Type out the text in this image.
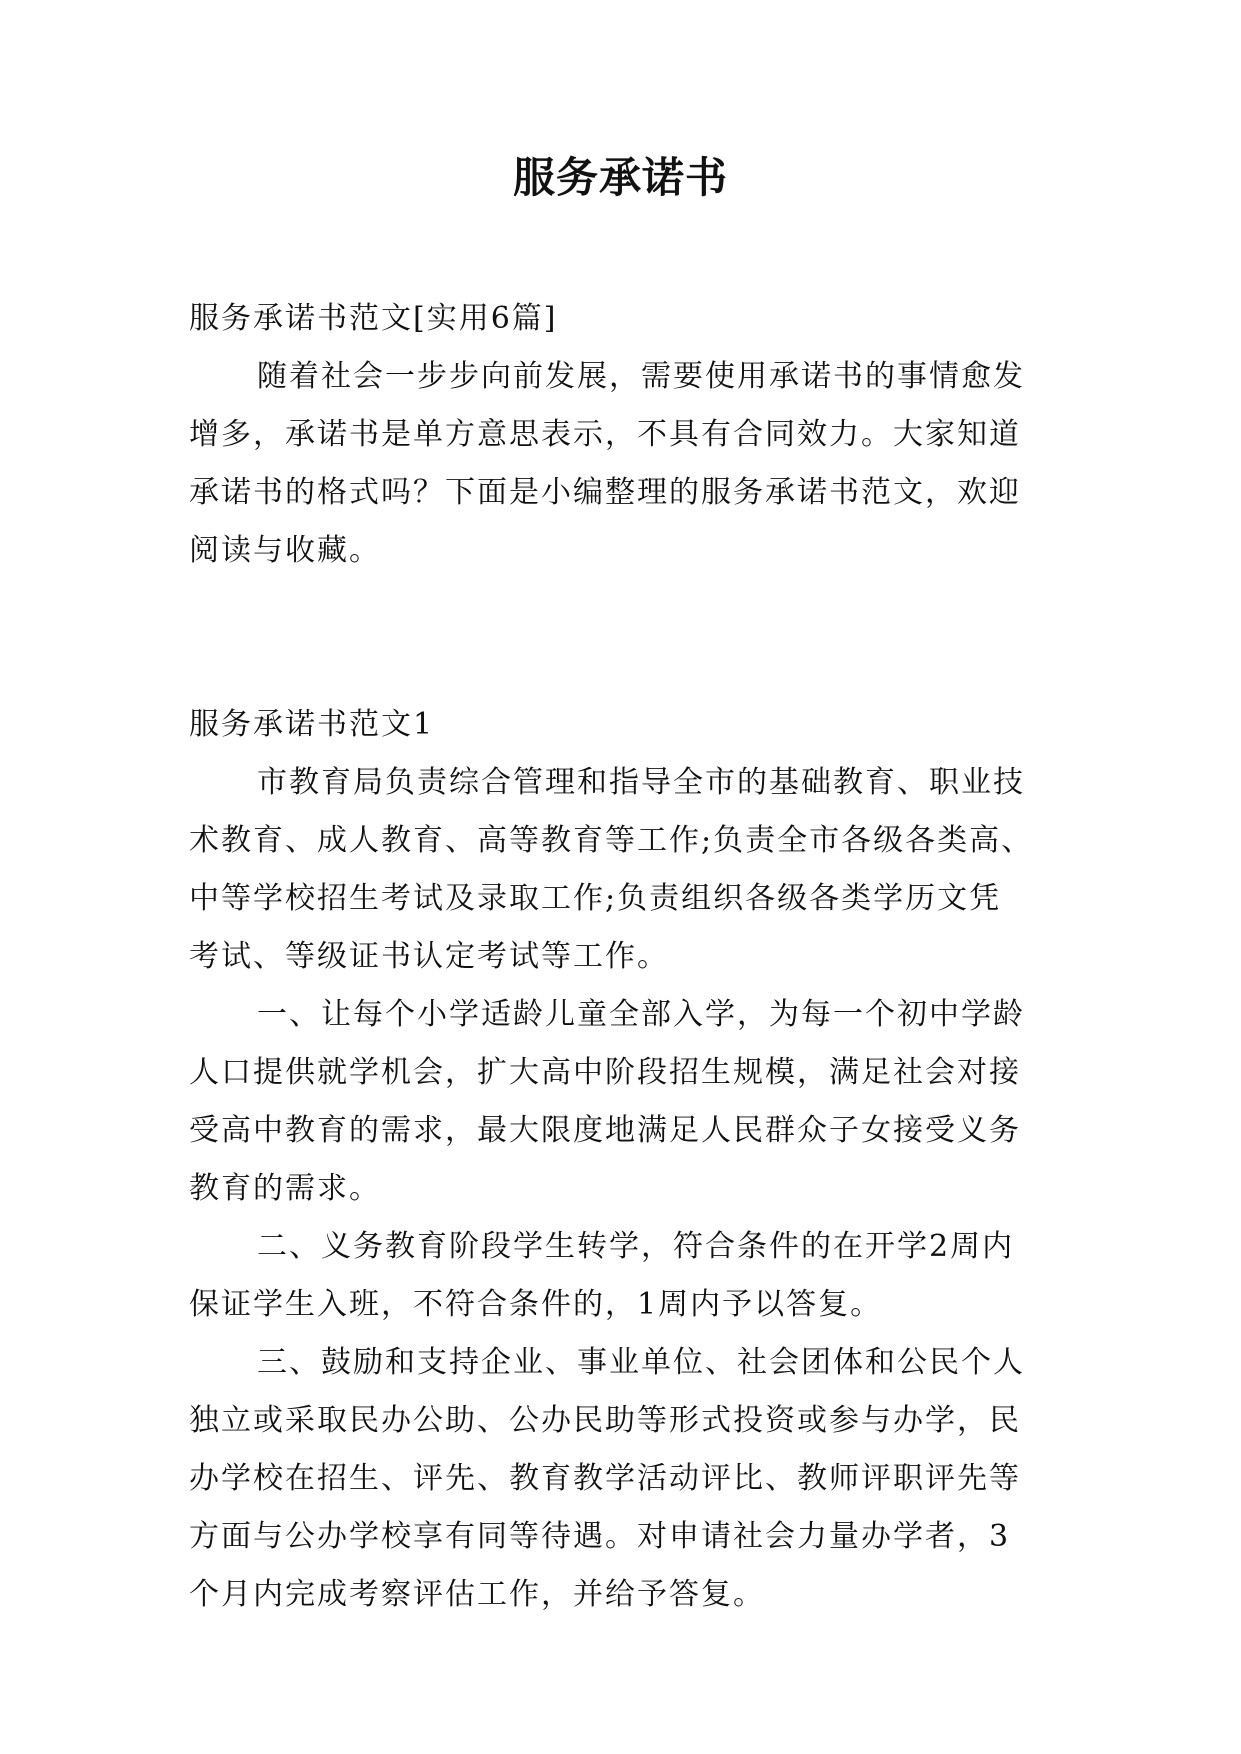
服务承诺书
服务承诺书范文[实用6篇]
随着社会一步步向前发展，需要使用承诺书的事情愈发
增多，承诺书是单方意思表示，不具有合同效力。大家知道
承诺书的格式吗？下面是小编整理的服务承诺书范文，欢迎
阅读与收藏。
服务承诺书范文1
市教育局负责综合管理和指导全市的基础教育、职业技
术教育、成人教育、高等教育等工作;负责全市各级各类高、
中等学校招生考试及录取工作;负责组织各级各类学历文凭
考试、等级证书认定考试等工作。
一、让每个小学适龄儿童全部入学，为每一个初中学龄
人口提供就学机会，扩大高中阶段招生规模，满足社会对接
受高中教育的需求，最大限度地满足人民群众子女接受义务
教育的需求。
二、义务教育阶段学生转学，符合条件的在开学2周内
保证学生入班，不符合条件的，1周内予以答复。
三、鼓励和支持企业、事业单位、社会团体和公民个人
独立或采取民办公助、公办民助等形式投资或参与办学，民
办学校在招生、评先、教育教学活动评比、教师评职评先等
方面与公办学校享有同等待遇。对申请社会力量办学者，3
个月内完成考察评估工作，并给予答复。
